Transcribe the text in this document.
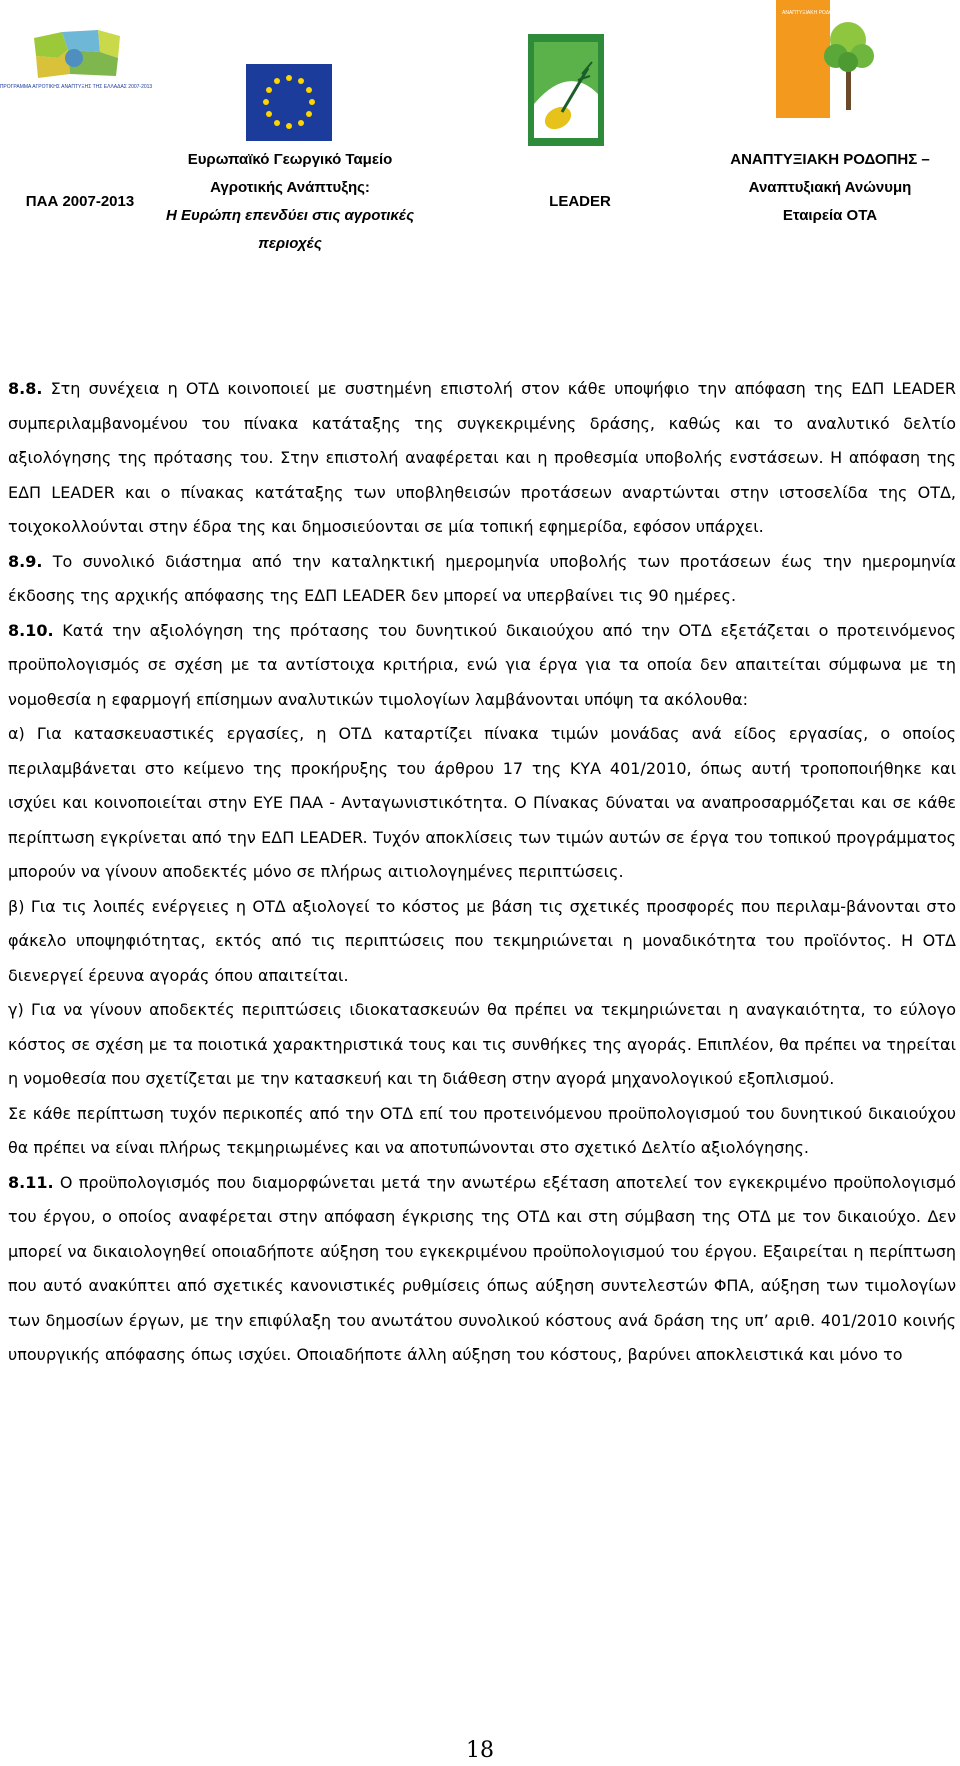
ΠΡΟΓΡΑΜΜΑ ΑΓΡΟΤΙΚΗΣ ΑΝΑΠΤΥΞΗΣ ΤΗΣ ΕΛΛΑΔΑΣ 2007-2013
ΑΝΑΠΤΥΞΙΑΚΗ ΡΟΔΟΠΗΣ ΑΝΩΝΥΜΗ ΕΤΑΙΡΕΙΑ Ο.Τ.Α.
ΠΑΑ 2007-2013
Ευρωπαϊκό Γεωργικό Ταμείο
Αγροτικής Ανάπτυξης:
Η Ευρώπη επενδύει στις αγροτικές
περιοχές
LEADER
ΑΝΑΠΤΥΞΙΑΚΗ ΡΟΔΟΠΗΣ –
Αναπτυξιακή Ανώνυμη
Εταιρεία ΟΤΑ

8.8. Στη συνέχεια η ΟΤΔ κοινοποιεί με συστημένη επιστολή στον κάθε υποψήφιο την απόφαση της ΕΔΠ LEADER συμπεριλαμβανομένου του πίνακα κατάταξης της συγκεκριμένης δράσης, καθώς και το αναλυτικό δελτίο αξιολόγησης της πρότασης του. Στην επιστολή αναφέρεται και η προθεσμία υποβολής ενστάσεων. Η απόφαση της ΕΔΠ LEADER και ο πίνακας κατάταξης των υποβληθεισών προτάσεων αναρτώνται στην ιστοσελίδα της ΟΤΔ, τοιχοκολλούνται στην έδρα της και δημοσιεύονται σε μία τοπική εφημερίδα, εφόσον υπάρχει.

8.9. Το συνολικό διάστημα από την καταληκτική ημερομηνία υποβολής των προτάσεων έως την ημερομηνία έκδοσης της αρχικής απόφασης της ΕΔΠ LEADER δεν μπορεί να υπερβαίνει τις 90 ημέρες.

8.10. Κατά την αξιολόγηση της πρότασης του δυνητικού δικαιούχου από την ΟΤΔ εξετάζεται ο προτεινόμενος προϋπολογισμός σε σχέση με τα αντίστοιχα κριτήρια, ενώ για έργα για τα οποία δεν απαιτείται σύμφωνα με τη νομοθεσία η εφαρμογή επίσημων αναλυτικών τιμολογίων λαμβάνονται υπόψη τα ακόλουθα:

α) Για κατασκευαστικές εργασίες, η ΟΤΔ καταρτίζει πίνακα τιμών μονάδας ανά είδος εργασίας, ο οποίος περιλαμβάνεται στο κείμενο της προκήρυξης του άρθρου 17 της ΚΥΑ 401/2010, όπως αυτή τροποποιήθηκε και ισχύει και κοινοποιείται στην ΕΥΕ ΠΑΑ - Ανταγωνιστικότητα. Ο Πίνακας δύναται να αναπροσαρμόζεται και σε κάθε περίπτωση εγκρίνεται από την ΕΔΠ LEADER. Τυχόν αποκλίσεις των τιμών αυτών σε έργα του τοπικού προγράμματος μπορούν να γίνουν αποδεκτές μόνο σε πλήρως αιτιολογημένες περιπτώσεις.

β) Για τις λοιπές ενέργειες η ΟΤΔ αξιολογεί το κόστος με βάση τις σχετικές προσφορές που περιλαμ-βάνονται στο φάκελο υποψηφιότητας, εκτός από τις περιπτώσεις που τεκμηριώνεται η μοναδικότητα του προϊόντος. Η ΟΤΔ διενεργεί έρευνα αγοράς όπου απαιτείται.

γ) Για να γίνουν αποδεκτές περιπτώσεις ιδιοκατασκευών θα πρέπει να τεκμηριώνεται η αναγκαιότητα, το εύλογο κόστος σε σχέση με τα ποιοτικά χαρακτηριστικά τους και τις συνθήκες της αγοράς. Επιπλέον, θα πρέπει να τηρείται η νομοθεσία που σχετίζεται με την κατασκευή και τη διάθεση στην αγορά μηχανολογικού εξοπλισμού.

Σε κάθε περίπτωση τυχόν περικοπές από την ΟΤΔ επί του προτεινόμενου προϋπολογισμού του δυνητικού δικαιούχου θα πρέπει να είναι πλήρως τεκμηριωμένες και να αποτυπώνονται στο σχετικό Δελτίο αξιολόγησης.

8.11. Ο προϋπολογισμός που διαμορφώνεται μετά την ανωτέρω εξέταση αποτελεί τον εγκεκριμένο προϋπολογισμό του έργου, ο οποίος αναφέρεται στην απόφαση έγκρισης της ΟΤΔ και στη σύμβαση της ΟΤΔ με τον δικαιούχο. Δεν μπορεί να δικαιολογηθεί οποιαδήποτε αύξηση του εγκεκριμένου προϋπολογισμού του έργου. Εξαιρείται η περίπτωση που αυτό ανακύπτει από σχετικές κανονιστικές ρυθμίσεις όπως αύξηση συντελεστών ΦΠΑ, αύξηση των τιμολογίων των δημοσίων έργων, με την επιφύλαξη του ανωτάτου συνολικού κόστους ανά δράση της υπ’ αριθ. 401/2010 κοινής υπουργικής απόφασης όπως ισχύει. Οποιαδήποτε άλλη αύξηση του κόστους, βαρύνει αποκλειστικά και μόνο το

18
